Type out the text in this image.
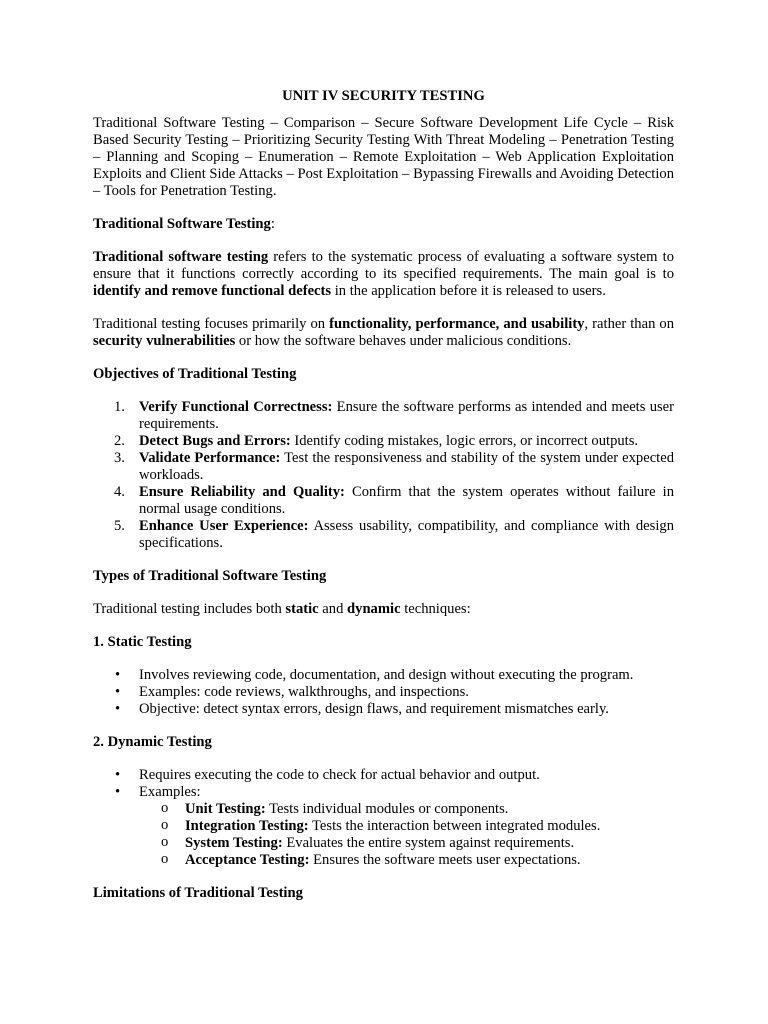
UNIT IV SECURITY TESTING

Traditional Software Testing – Comparison – Secure Software Development Life Cycle – Risk Based Security Testing – Prioritizing Security Testing With Threat Modeling – Penetration Testing – Planning and Scoping – Enumeration – Remote Exploitation – Web Application Exploitation Exploits and Client Side Attacks – Post Exploitation – Bypassing Firewalls and Avoiding Detection – Tools for Penetration Testing.

Traditional Software Testing:

Traditional software testing refers to the systematic process of evaluating a software system to ensure that it functions correctly according to its specified requirements. The main goal is to identify and remove functional defects in the application before it is released to users.

Traditional testing focuses primarily on functionality, performance, and usability, rather than on security vulnerabilities or how the software behaves under malicious conditions.

Objectives of Traditional Testing

1. Verify Functional Correctness: Ensure the software performs as intended and meets user requirements.
2. Detect Bugs and Errors: Identify coding mistakes, logic errors, or incorrect outputs.
3. Validate Performance: Test the responsiveness and stability of the system under expected workloads.
4. Ensure Reliability and Quality: Confirm that the system operates without failure in normal usage conditions.
5. Enhance User Experience: Assess usability, compatibility, and compliance with design specifications.

Types of Traditional Software Testing

Traditional testing includes both static and dynamic techniques:

1. Static Testing

• Involves reviewing code, documentation, and design without executing the program.
• Examples: code reviews, walkthroughs, and inspections.
• Objective: detect syntax errors, design flaws, and requirement mismatches early.

2. Dynamic Testing

• Requires executing the code to check for actual behavior and output.
• Examples:
o Unit Testing: Tests individual modules or components.
o Integration Testing: Tests the interaction between integrated modules.
o System Testing: Evaluates the entire system against requirements.
o Acceptance Testing: Ensures the software meets user expectations.

Limitations of Traditional Testing
